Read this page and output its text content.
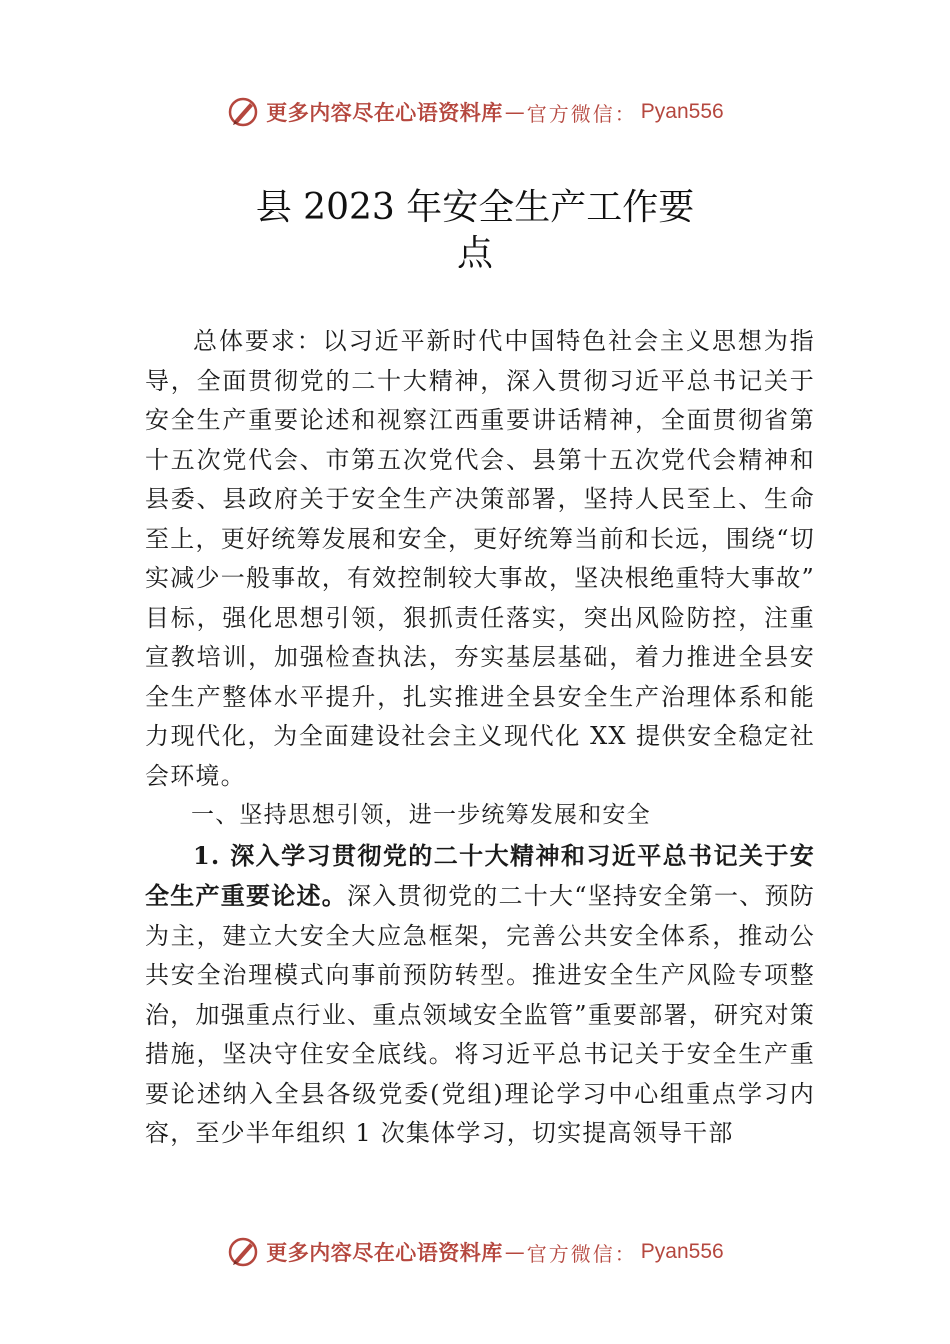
更多内容尽在心语资料库 — 官方微信： Pyan556
县 2023 年安全生产工作要
点

总体要求：以习近平新时代中国特色社会主义思想为指导，全面贯彻党的二十大精神，深入贯彻习近平总书记关于安全生产重要论述和视察江西重要讲话精神，全面贯彻省第十五次党代会、市第五次党代会、县第十五次党代会精神和县委、县政府关于安全生产决策部署，坚持人民至上、生命至上，更好统筹发展和安全，更好统筹当前和长远，围绕“切实减少一般事故，有效控制较大事故，坚决根绝重特大事故” 目标，强化思想引领，狠抓责任落实，突出风险防控，注重宣教培训，加强检查执法，夯实基层基础，着力推进全县安全生产整体水平提升，扎实推进全县安全生产治理体系和能力现代化，为全面建设社会主义现代化 XX 提供安全稳定社会环境。

一、坚持思想引领，进一步统筹发展和安全

1. 深入学习贯彻党的二十大精神和习近平总书记关于安全生产重要论述。深入贯彻党的二十大“坚持安全第一、预防为主，建立大安全大应急框架，完善公共安全体系，推动公共安全治理模式向事前预防转型。推进安全生产风险专项整治，加强重点行业、重点领域安全监管”重要部署，研究对策措施，坚决守住安全底线。将习近平总书记关于安全生产重要论述纳入全县各级党委(党组)理论学习中心组重点学习内容，至少半年组织 1 次集体学习，切实提高领导干部

更多内容尽在心语资料库 — 官方微信： Pyan556
